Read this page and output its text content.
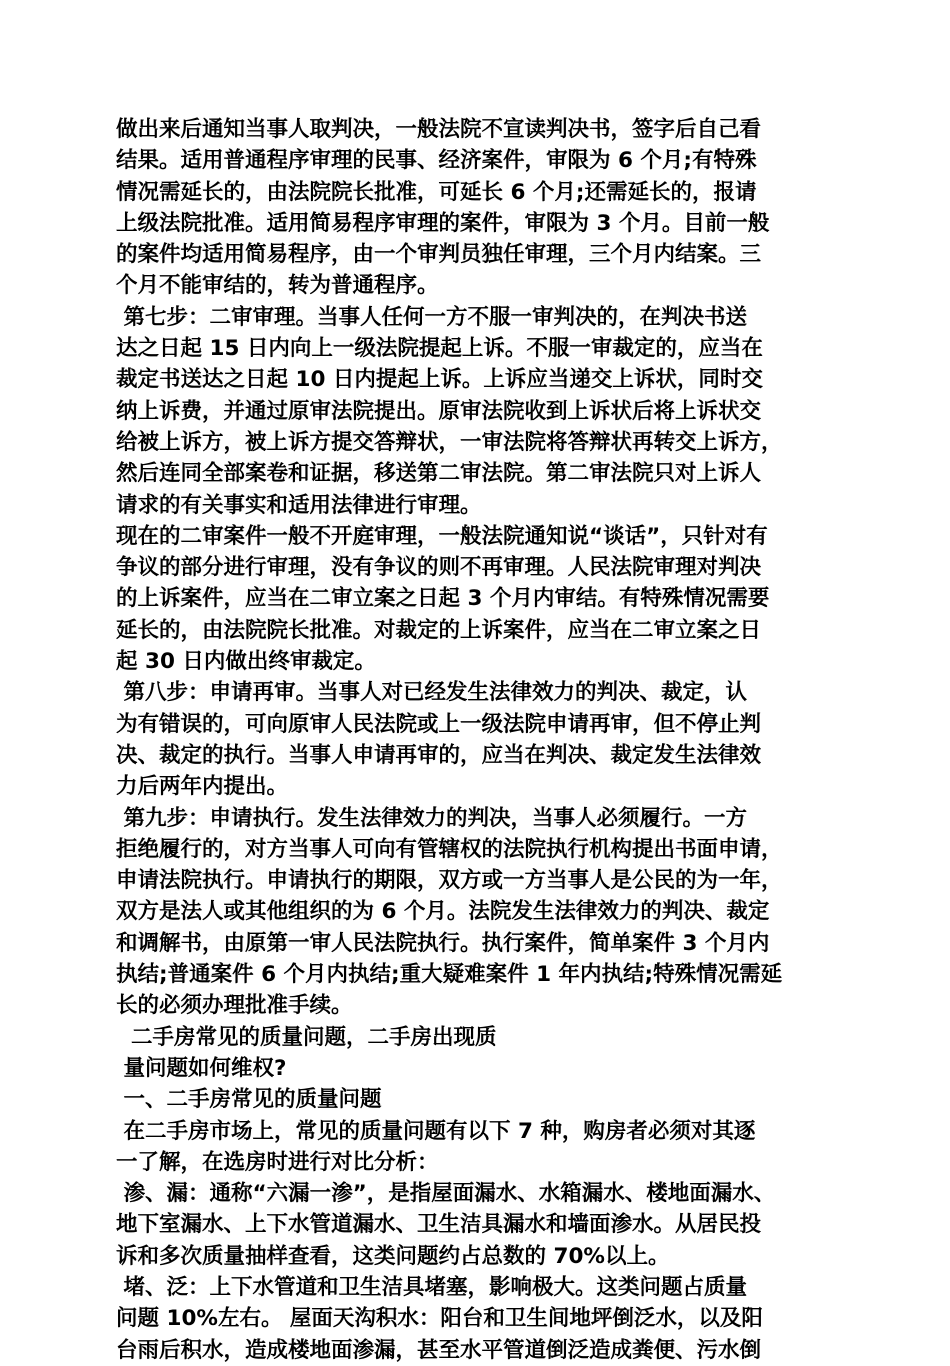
做出来后通知当事人取判决，一般法院不宣读判决书，签字后自己看
结果。适用普通程序审理的民事、经济案件，审限为 6 个月;有特殊
情况需延长的，由法院院长批准，可延长 6 个月;还需延长的，报请
上级法院批准。适用简易程序审理的案件，审限为 3 个月。目前一般
的案件均适用简易程序，由一个审判员独任审理，三个月内结案。三
个月不能审结的，转为普通程序。
第七步：二审审理。当事人任何一方不服一审判决的，在判决书送
达之日起 15 日内向上一级法院提起上诉。不服一审裁定的，应当在
裁定书送达之日起 10 日内提起上诉。上诉应当递交上诉状，同时交
纳上诉费，并通过原审法院提出。原审法院收到上诉状后将上诉状交
给被上诉方，被上诉方提交答辩状，一审法院将答辩状再转交上诉方，
然后连同全部案卷和证据，移送第二审法院。第二审法院只对上诉人
请求的有关事实和适用法律进行审理。
现在的二审案件一般不开庭审理，一般法院通知说“谈话”，只针对有
争议的部分进行审理，没有争议的则不再审理。人民法院审理对判决
的上诉案件，应当在二审立案之日起 3 个月内审结。有特殊情况需要
延长的，由法院院长批准。对裁定的上诉案件，应当在二审立案之日
起 30 日内做出终审裁定。
第八步：申请再审。当事人对已经发生法律效力的判决、裁定，认
为有错误的，可向原审人民法院或上一级法院申请再审，但不停止判
决、裁定的执行。当事人申请再审的，应当在判决、裁定发生法律效
力后两年内提出。
第九步：申请执行。发生法律效力的判决，当事人必须履行。一方
拒绝履行的，对方当事人可向有管辖权的法院执行机构提出书面申请，
申请法院执行。申请执行的期限，双方或一方当事人是公民的为一年，
双方是法人或其他组织的为 6 个月。法院发生法律效力的判决、裁定
和调解书，由原第一审人民法院执行。执行案件，简单案件 3 个月内
执结;普通案件 6 个月内执结;重大疑难案件 1 年内执结;特殊情况需延
长的必须办理批准手续。
二手房常见的质量问题，二手房出现质
量问题如何维权?
一、二手房常见的质量问题
在二手房市场上，常见的质量问题有以下 7 种，购房者必须对其逐
一了解，在选房时进行对比分析：
渗、漏：通称“六漏一渗”，是指屋面漏水、水箱漏水、楼地面漏水、
地下室漏水、上下水管道漏水、卫生洁具漏水和墙面渗水。从居民投
诉和多次质量抽样查看，这类问题约占总数的 70%以上。
堵、泛：上下水管道和卫生洁具堵塞，影响极大。这类问题占质量
问题 10%左右。 屋面天沟积水：阳台和卫生间地坪倒泛水，以及阳
台雨后积水，造成楼地面渗漏，甚至水平管道倒泛造成粪便、污水倒
